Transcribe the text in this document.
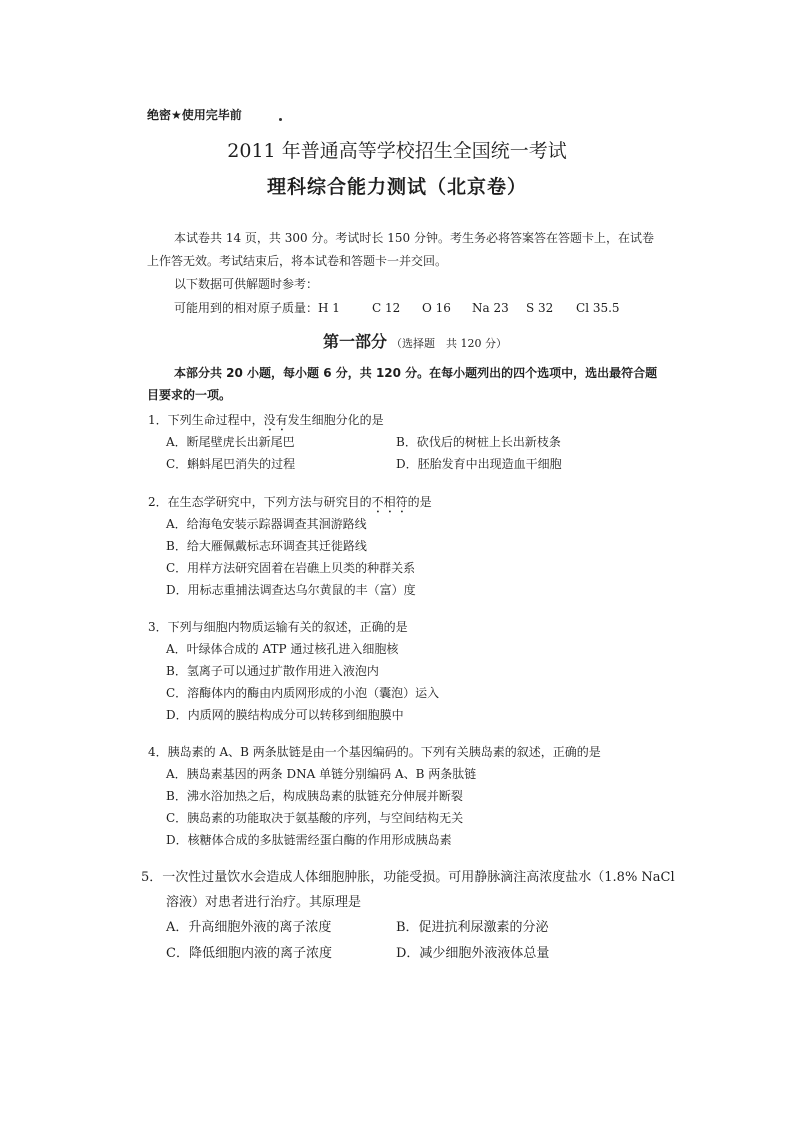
绝密★使用完毕前
2011 年普通高等学校招生全国统一考试
理科综合能力测试（北京卷）
本试卷共 14 页，共 300 分。考试时长 150 分钟。考生务必将答案答在答题卡上，在试卷
上作答无效。考试结束后，将本试卷和答题卡一并交回。
以下数据可供解题时参考：
可能用到的相对原子质量：H 1	C 12 O 16 Na 23 S 32 Cl 35.5
第一部分 （选择题　共 120 分）
本部分共 20 小题，每小题 6 分，共 120 分。在每小题列出的四个选项中，选出最符合题
目要求的一项。
1．下列生命过程中，没有发生细胞分化的是
A．断尾壁虎长出新尾巴	B．砍伐后的树桩上长出新枝条
C．蝌蚪尾巴消失的过程	D．胚胎发育中出现造血干细胞
2．在生态学研究中，下列方法与研究目的不相符的是
A．给海龟安装示踪器调查其洄游路线
B．给大雁佩戴标志环调查其迁徙路线
C．用样方法研究固着在岩礁上贝类的种群关系
D．用标志重捕法调查达乌尔黄鼠的丰（富）度
3．下列与细胞内物质运输有关的叙述，正确的是
A．叶绿体合成的 ATP 通过核孔进入细胞核
B．氢离子可以通过扩散作用进入液泡内
C．溶酶体内的酶由内质网形成的小泡（囊泡）运入
D．内质网的膜结构成分可以转移到细胞膜中
4．胰岛素的 A、B 两条肽链是由一个基因编码的。下列有关胰岛素的叙述，正确的是
A．胰岛素基因的两条 DNA 单链分别编码 A、B 两条肽链
B．沸水浴加热之后，构成胰岛素的肽链充分伸展并断裂
C．胰岛素的功能取决于氨基酸的序列，与空间结构无关
D．核糖体合成的多肽链需经蛋白酶的作用形成胰岛素
5．一次性过量饮水会造成人体细胞肿胀，功能受损。可用静脉滴注高浓度盐水（1.8% NaCl
溶液）对患者进行治疗。其原理是
A．升高细胞外液的离子浓度	B．促进抗利尿激素的分泌
C．降低细胞内液的离子浓度	D．减少细胞外液液体总量
